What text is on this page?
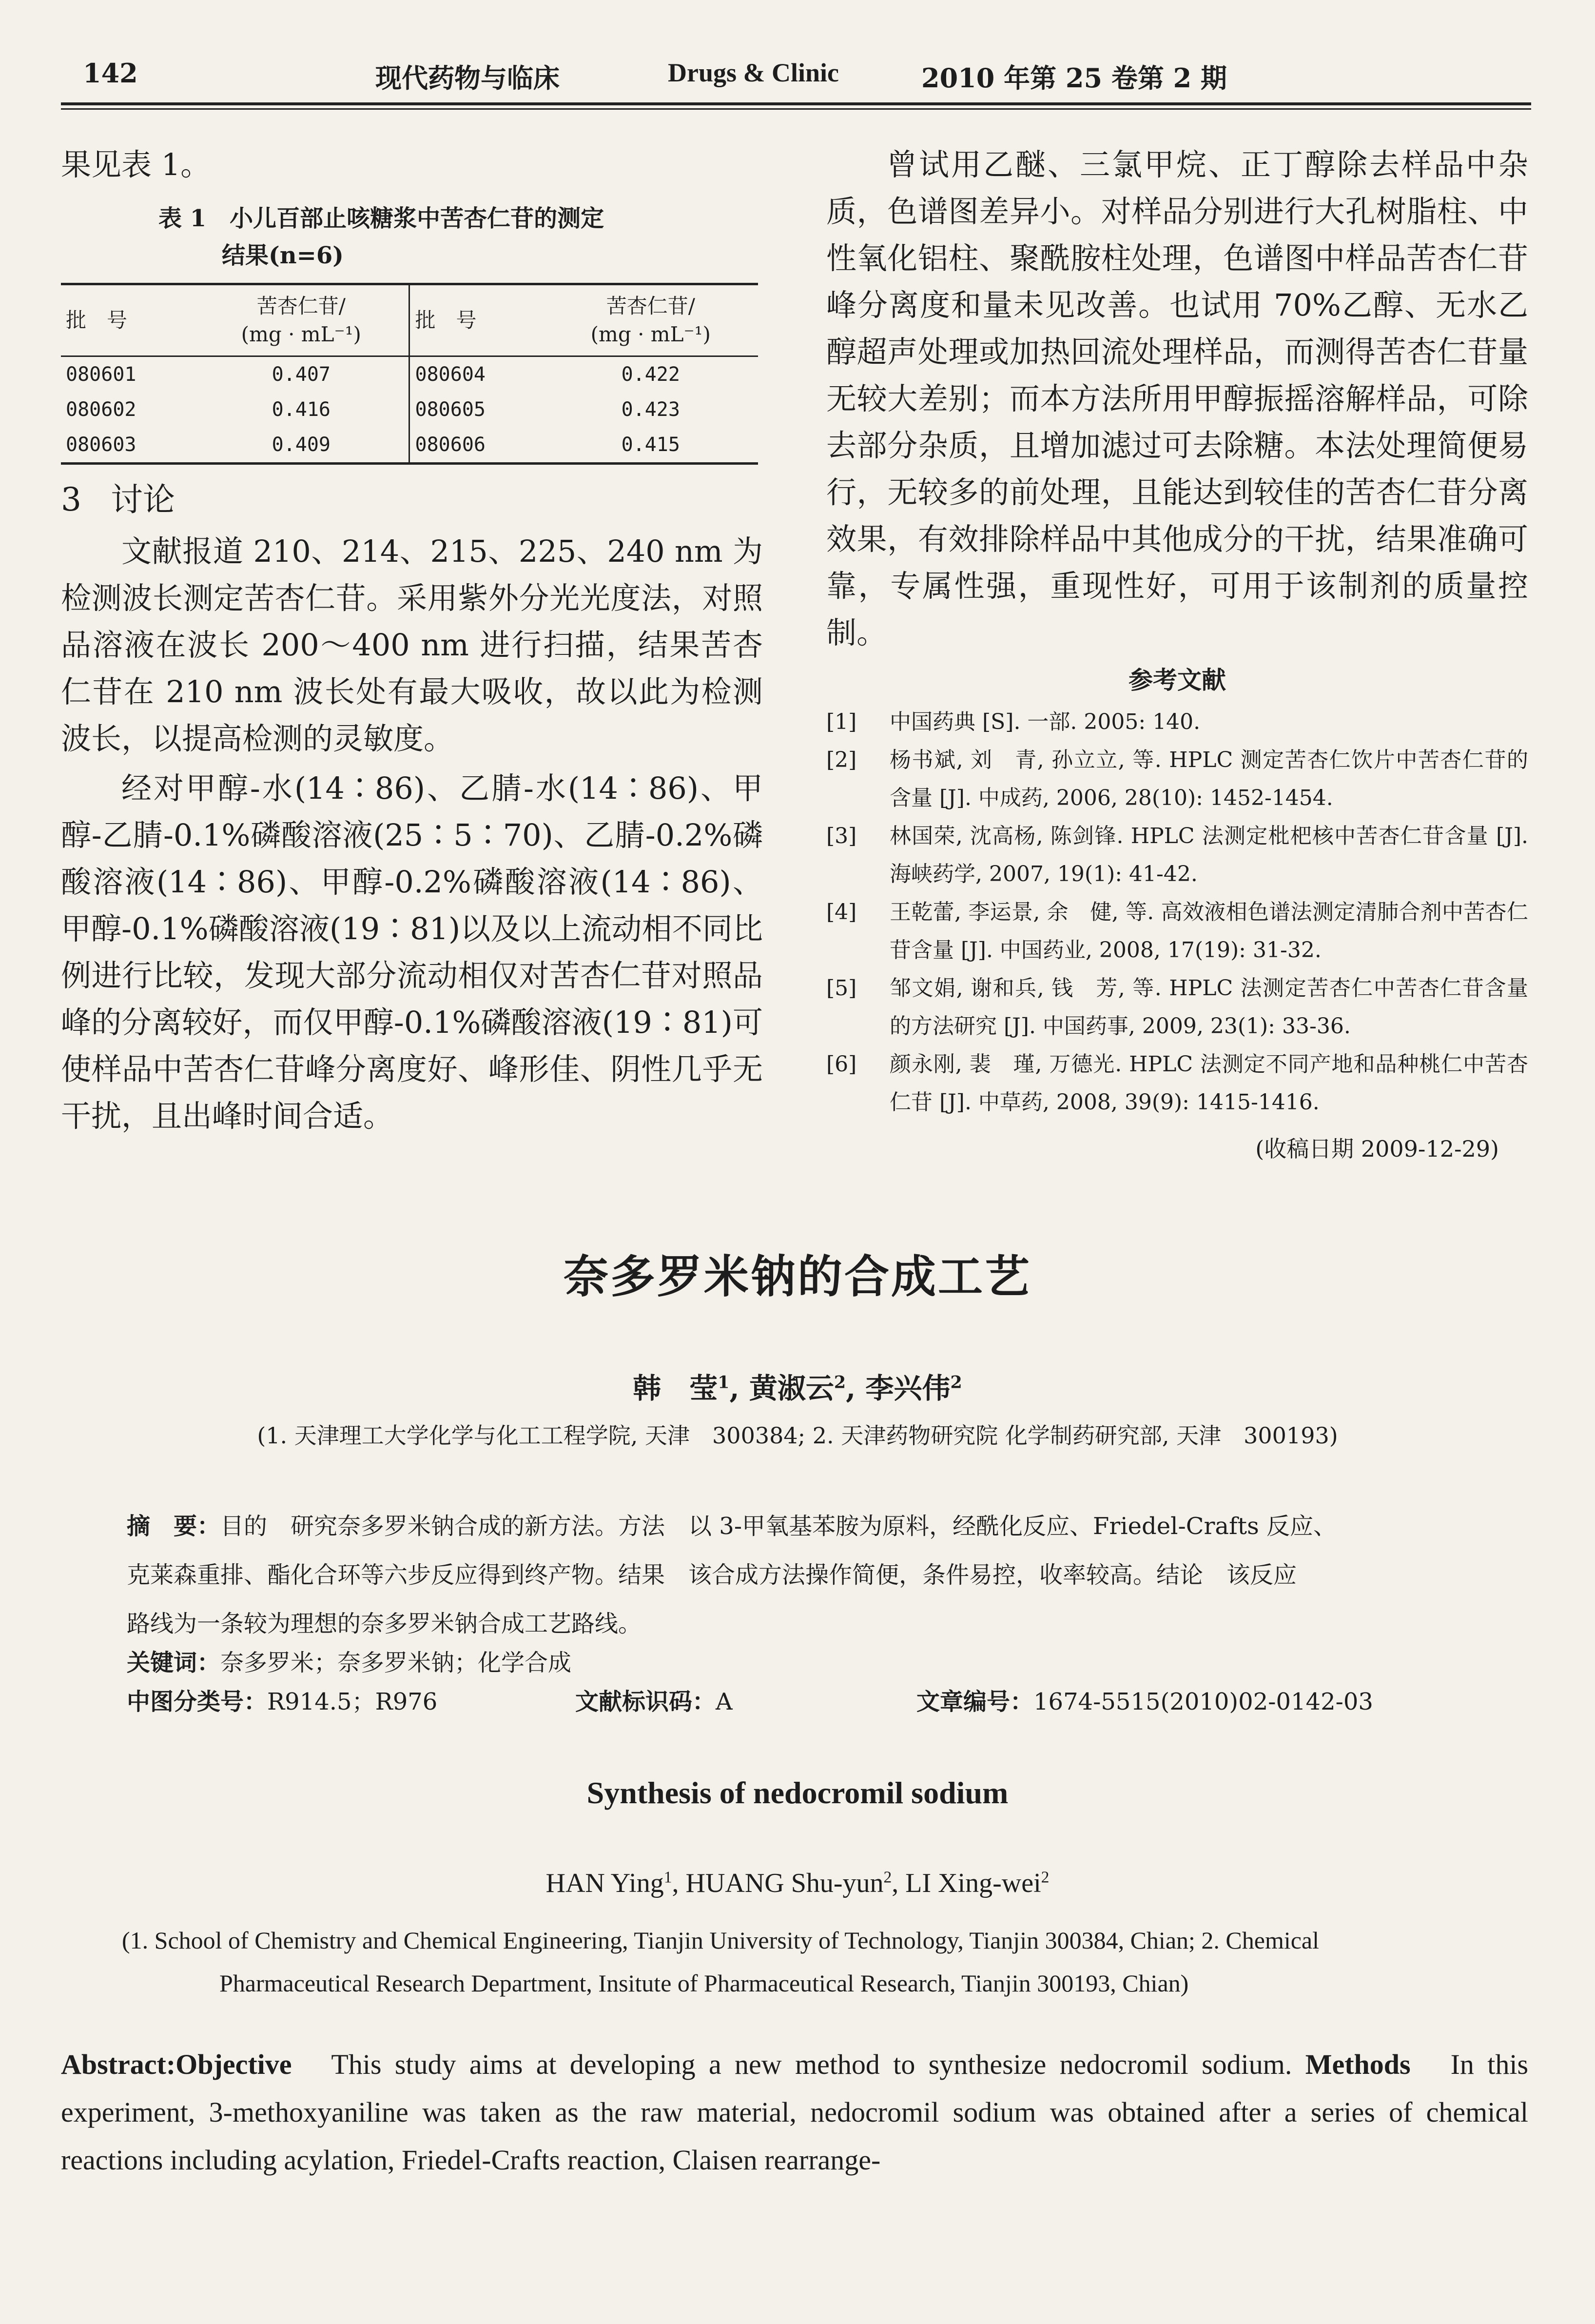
142	现代药物与临床	Drugs & Clinic	2010 年第 25 卷第 2 期

果见表 1。

表 1　小儿百部止咳糖浆中苦杏仁苷的测定
结果(n=6)
批　号	苦杏仁苷/
(mg · mL⁻¹)	批　号	苦杏仁苷/
(mg · mL⁻¹)
080601	0.407	080604	0.422
080602	0.416	080605	0.423
080603	0.409	080606	0.415
3 讨论

文献报道 210、214、215、225、240 nm 为检测波长测定苦杏仁苷。采用紫外分光光度法，对照品溶液在波长 200～400 nm 进行扫描，结果苦杏仁苷在 210 nm 波长处有最大吸收，故以此为检测波长，以提高检测的灵敏度。

经对甲醇-水(14∶86)、乙腈-水(14∶86)、甲醇-乙腈-0.1%磷酸溶液(25∶5∶70)、乙腈-0.2%磷酸溶液(14∶86)、甲醇-0.2%磷酸溶液(14∶86)、甲醇-0.1%磷酸溶液(19∶81)以及以上流动相不同比例进行比较，发现大部分流动相仅对苦杏仁苷对照品峰的分离较好，而仅甲醇-0.1%磷酸溶液(19∶81)可使样品中苦杏仁苷峰分离度好、峰形佳、阴性几乎无干扰，且出峰时间合适。

曾试用乙醚、三氯甲烷、正丁醇除去样品中杂质，色谱图差异小。对样品分别进行大孔树脂柱、中性氧化铝柱、聚酰胺柱处理，色谱图中样品苦杏仁苷峰分离度和量未见改善。也试用 70%乙醇、无水乙醇超声处理或加热回流处理样品，而测得苦杏仁苷量无较大差别；而本方法所用甲醇振摇溶解样品，可除去部分杂质，且增加滤过可去除糖。本法处理简便易行，无较多的前处理，且能达到较佳的苦杏仁苷分离效果，有效排除样品中其他成分的干扰，结果准确可靠，专属性强，重现性好，可用于该制剂的质量控制。

参考文献
[1]	中国药典 [S]. 一部. 2005: 140.
[2]	杨书斌, 刘　青, 孙立立, 等. HPLC 测定苦杏仁饮片中苦杏仁苷的含量 [J]. 中成药, 2006, 28(10): 1452-1454.
[3]	林国荣, 沈高杨, 陈剑锋. HPLC 法测定枇杷核中苦杏仁苷含量 [J]. 海峡药学, 2007, 19(1): 41-42.
[4]	王乾蕾, 李运景, 余　健, 等. 高效液相色谱法测定清肺合剂中苦杏仁苷含量 [J]. 中国药业, 2008, 17(19): 31-32.
[5]	邹文娟, 谢和兵, 钱　芳, 等. HPLC 法测定苦杏仁中苦杏仁苷含量的方法研究 [J]. 中国药事, 2009, 23(1): 33-36.
[6]	颜永刚, 裴　瑾, 万德光. HPLC 法测定不同产地和品种桃仁中苦杏仁苷 [J]. 中草药, 2008, 39(9): 1415-1416.
(收稿日期 2009-12-29)
奈多罗米钠的合成工艺
韩　莹$^1$, 黄淑云$^2$, 李兴伟$^2$
(1. 天津理工大学化学与化工工程学院, 天津　300384; 2. 天津药物研究院 化学制药研究部, 天津　300193)
摘　要：目的　研究奈多罗米钠合成的新方法。方法　以 3-甲氧基苯胺为原料，经酰化反应、Friedel-Crafts 反应、
克莱森重排、酯化合环等六步反应得到终产物。结果　该合成方法操作简便，条件易控，收率较高。结论　该反应
路线为一条较为理想的奈多罗米钠合成工艺路线。
关键词：奈多罗米；奈多罗米钠；化学合成
中图分类号：R914.5；R976	文献标识码：A	文章编号：1674-5515(2010)02-0142-03
Synthesis of nedocromil sodium
HAN Ying$^1$, HUANG Shu-yun$^2$, LI Xing-wei$^2$
(1. School of Chemistry and Chemical Engineering, Tianjin University of Technology, Tianjin 300384, Chian; 2. Chemical
Pharmaceutical Research Department, Insitute of Pharmaceutical Research, Tianjin 300193, Chian)
Abstract:Objective This study aims at developing a new method to synthesize nedocromil sodium. Methods In this experiment, 3-methoxyaniline was taken as the raw material, nedocromil sodium was obtained after a series of chemical reactions including acylation, Friedel-Crafts reaction, Claisen rearrange-
